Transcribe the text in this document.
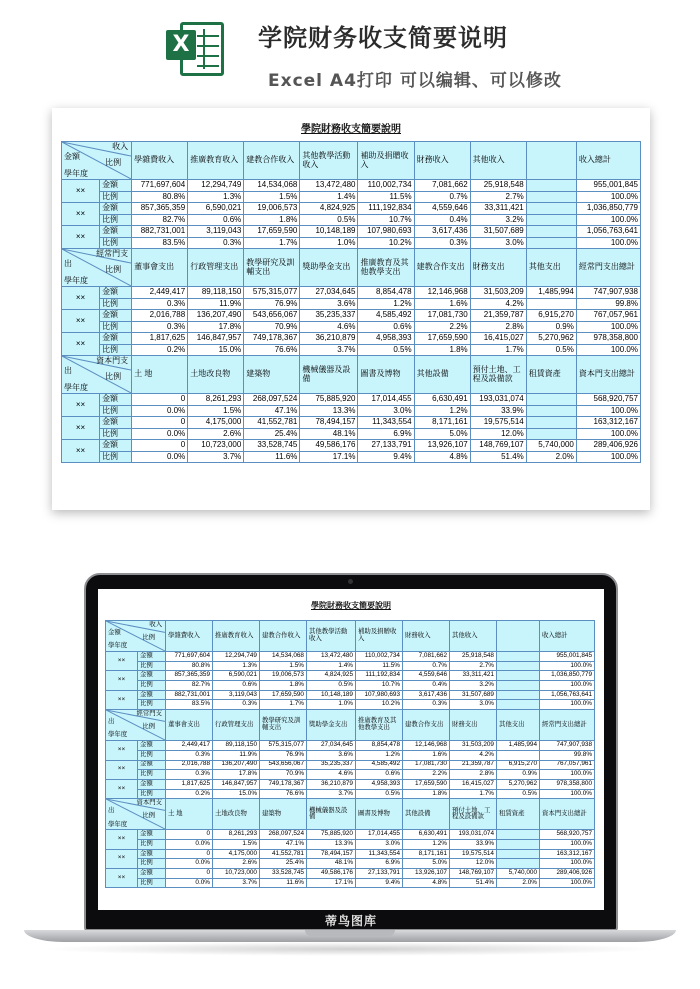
X	学院财务收支简要说明
Excel A4打印 可以编辑、可以修改
學院財務收支簡要說明
收入
金額
比例
學年度		學雜費收入	推廣教育收入	建教合作收入	其他教學活動收入	補助及捐贈收入	財務收入	其他收入		收入總計
××	金額	771,697,604	12,294,749	14,534,068	13,472,480	110,002,734	7,081,662	25,918,548		955,001,845
	比例	80.8%	1.3%	1.5%	1.4%	11.5%	0.7%	2.7%		100.0%
××	金額	857,365,359	6,590,021	19,006,573	4,824,925	111,192,834	4,559,646	33,311,421		1,036,850,779
	比例	82.7%	0.6%	1.8%	0.5%	10.7%	0.4%	3.2%		100.0%
××	金額	882,731,001	3,119,043	17,659,590	10,148,189	107,980,693	3,617,436	31,507,689		1,056,763,641
	比例	83.5%	0.3%	1.7%	1.0%	10.2%	0.3%	3.0%		100.0%

經常門支
出
比例
學年度		董事會支出	行政管理支出	教學研究及訓輔支出	獎助學金支出	推廣教育及其他教學支出	建教合作支出	財務支出	其他支出	經常門支出總計
××	金額	2,449,417	89,118,150	575,315,077	27,034,645	8,854,478	12,146,968	31,503,209	1,485,994	747,907,938
	比例	0.3%	11.9%	76.9%	3.6%	1.2%	1.6%	4.2%		99.8%
××	金額	2,016,788	136,207,490	543,656,067	35,235,337	4,585,492	17,081,730	21,359,787	6,915,270	767,057,961
	比例	0.3%	17.8%	70.9%	4.6%	0.6%	2.2%	2.8%	0.9%	100.0%
××	金額	1,817,625	146,847,957	749,178,367	36,210,879	4,958,393	17,659,590	16,415,027	5,270,962	978,358,800
	比例	0.2%	15.0%	76.6%	3.7%	0.5%	1.8%	1.7%	0.5%	100.0%

資本門支
出
比例
學年度		土 地	土地改良物	建築物	機械儀器及設備	圖書及博物	其他設備	預付土地、工程及設備款	租賃資產	資本門支出總計
××	金額	0	8,261,293	268,097,524	75,885,920	17,014,455	6,630,491	193,031,074		568,920,757
	比例	0.0%	1.5%	47.1%	13.3%	3.0%	1.2%	33.9%		100.0%
××	金額	0	4,175,000	41,552,781	78,494,157	11,343,554	8,171,161	19,575,514		163,312,167
	比例	0.0%	2.6%	25.4%	48.1%	6.9%	5.0%	12.0%		100.0%
××	金額	0	10,723,000	33,528,745	49,586,176	27,133,791	13,926,107	148,769,107	5,740,000	289,406,926
	比例	0.0%	3.7%	11.6%	17.1%	9.4%	4.8%	51.4%	2.0%	100.0%
學院財務收支簡要說明
收入
金額
比例
學年度		學雜費收入	推廣教育收入	建教合作收入	其他教學活動收入	補助及捐贈收入	財務收入	其他收入		收入總計
××	金額	771,697,604	12,294,749	14,534,068	13,472,480	110,002,734	7,081,662	25,918,548		955,001,845
	比例	80.8%	1.3%	1.5%	1.4%	11.5%	0.7%	2.7%		100.0%
××	金額	857,365,359	6,590,021	19,006,573	4,824,925	111,192,834	4,559,646	33,311,421		1,036,850,779
	比例	82.7%	0.6%	1.8%	0.5%	10.7%	0.4%	3.2%		100.0%
××	金額	882,731,001	3,119,043	17,659,590	10,148,189	107,980,693	3,617,436	31,507,689		1,056,763,641
	比例	83.5%	0.3%	1.7%	1.0%	10.2%	0.3%	3.0%		100.0%

經常門支
出
比例
學年度		董事會支出	行政管理支出	教學研究及訓輔支出	獎助學金支出	推廣教育及其他教學支出	建教合作支出	財務支出	其他支出	經常門支出總計
××	金額	2,449,417	89,118,150	575,315,077	27,034,645	8,854,478	12,146,968	31,503,209	1,485,994	747,907,938
	比例	0.3%	11.9%	76.9%	3.6%	1.2%	1.6%	4.2%		99.8%
××	金額	2,016,788	136,207,490	543,656,067	35,235,337	4,585,492	17,081,730	21,359,787	6,915,270	767,057,961
	比例	0.3%	17.8%	70.9%	4.6%	0.6%	2.2%	2.8%	0.9%	100.0%
××	金額	1,817,625	146,847,957	749,178,367	36,210,879	4,958,393	17,659,590	16,415,027	5,270,962	978,358,800
	比例	0.2%	15.0%	76.6%	3.7%	0.5%	1.8%	1.7%	0.5%	100.0%

資本門支
出
比例
學年度		土 地	土地改良物	建築物	機械儀器及設備	圖書及博物	其他設備	預付土地、工程及設備款	租賃資產	資本門支出總計
××	金額	0	8,261,293	268,097,524	75,885,920	17,014,455	6,630,491	193,031,074		568,920,757
	比例	0.0%	1.5%	47.1%	13.3%	3.0%	1.2%	33.9%		100.0%
××	金額	0	4,175,000	41,552,781	78,494,157	11,343,554	8,171,161	19,575,514		163,312,167
	比例	0.0%	2.6%	25.4%	48.1%	6.9%	5.0%	12.0%		100.0%
××	金額	0	10,723,000	33,528,745	49,586,176	27,133,791	13,926,107	148,769,107	5,740,000	289,406,926
	比例	0.0%	3.7%	11.6%	17.1%	9.4%	4.8%	51.4%	2.0%	100.0%
蒂鸟图库
